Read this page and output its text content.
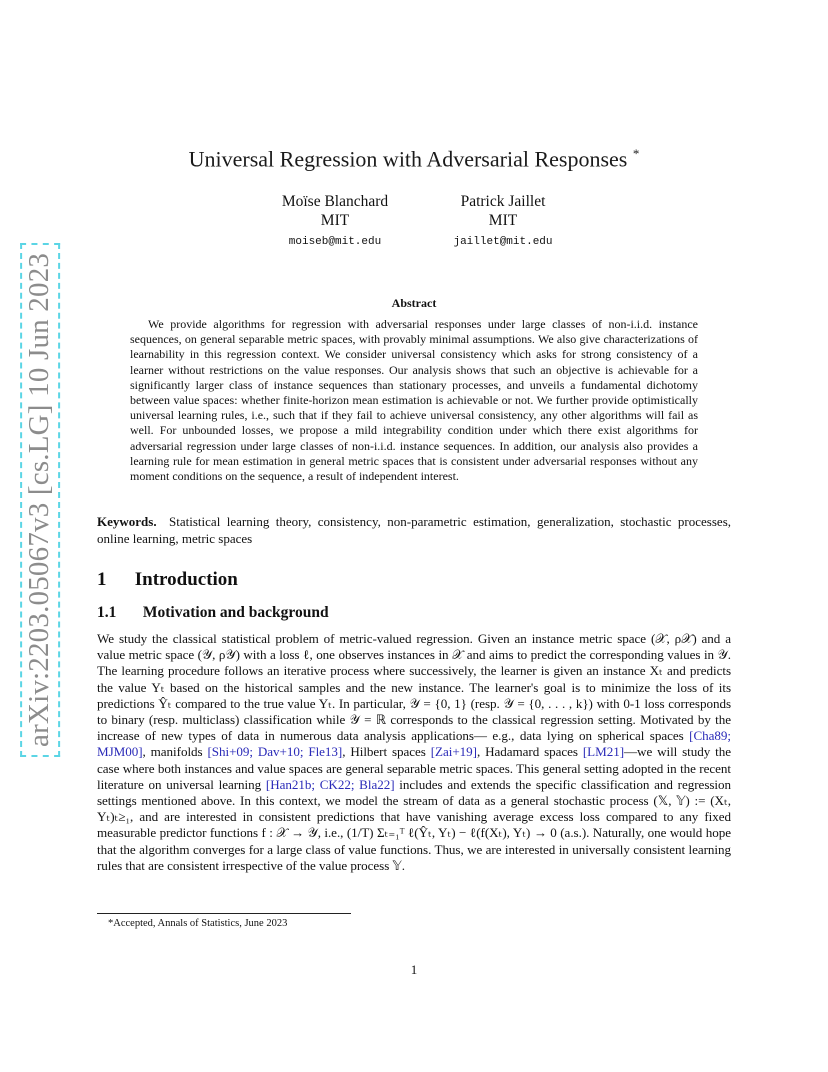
arXiv:2203.05067v3 [cs.LG] 10 Jun 2023
Universal Regression with Adversarial Responses *
Moïse Blanchard
MIT
moiseb@mit.edu
Patrick Jaillet
MIT
jaillet@mit.edu
Abstract
We provide algorithms for regression with adversarial responses under large classes of non-i.i.d. instance sequences, on general separable metric spaces, with provably minimal assumptions. We also give characterizations of learnability in this regression context. We consider universal consistency which asks for strong consistency of a learner without restrictions on the value responses. Our analysis shows that such an objective is achievable for a significantly larger class of instance sequences than stationary processes, and unveils a fundamental dichotomy between value spaces: whether finite-horizon mean estimation is achievable or not. We further provide optimistically universal learning rules, i.e., such that if they fail to achieve universal consistency, any other algorithms will fail as well. For unbounded losses, we propose a mild integrability condition under which there exist algorithms for adversarial regression under large classes of non-i.i.d. instance sequences. In addition, our analysis also provides a learning rule for mean estimation in general metric spaces that is consistent under adversarial responses without any moment conditions on the sequence, a result of independent interest.
Keywords. Statistical learning theory, consistency, non-parametric estimation, generalization, stochastic processes, online learning, metric spaces
1 Introduction
1.1 Motivation and background
We study the classical statistical problem of metric-valued regression. Given an instance metric space (𝒳, ρ𝒳) and a value metric space (𝒴, ρ𝒴) with a loss ℓ, one observes instances in 𝒳 and aims to predict the corresponding values in 𝒴. The learning procedure follows an iterative process where successively, the learner is given an instance Xₜ and predicts the value Yₜ based on the historical samples and the new instance. The learner's goal is to minimize the loss of its predictions Ŷₜ compared to the true value Yₜ. In particular, 𝒴 = {0, 1} (resp. 𝒴 = {0, . . . , k}) with 0-1 loss corresponds to binary (resp. multiclass) classification while 𝒴 = ℝ corresponds to the classical regression setting. Motivated by the increase of new types of data in numerous data analysis applications— e.g., data lying on spherical spaces [Cha89; MJM00], manifolds [Shi+09; Dav+10; Fle13], Hilbert spaces [Zai+19], Hadamard spaces [LM21]—we will study the case where both instances and value spaces are general separable metric spaces. This general setting adopted in the recent literature on universal learning [Han21b; CK22; Bla22] includes and extends the specific classification and regression settings mentioned above. In this context, we model the stream of data as a general stochastic process (𝕏, 𝕐) := (Xₜ, Yₜ)ₜ≥₁, and are interested in consistent predictions that have vanishing average excess loss compared to any fixed measurable predictor functions f : 𝒳 → 𝒴, i.e., (1/T) Σₜ₌₁ᵀ ℓ(Ŷₜ, Yₜ) − ℓ(f(Xₜ), Yₜ) → 0 (a.s.). Naturally, one would hope that the algorithm converges for a large class of value functions. Thus, we are interested in universally consistent learning rules that are consistent irrespective of the value process 𝕐.
*Accepted, Annals of Statistics, June 2023
1
